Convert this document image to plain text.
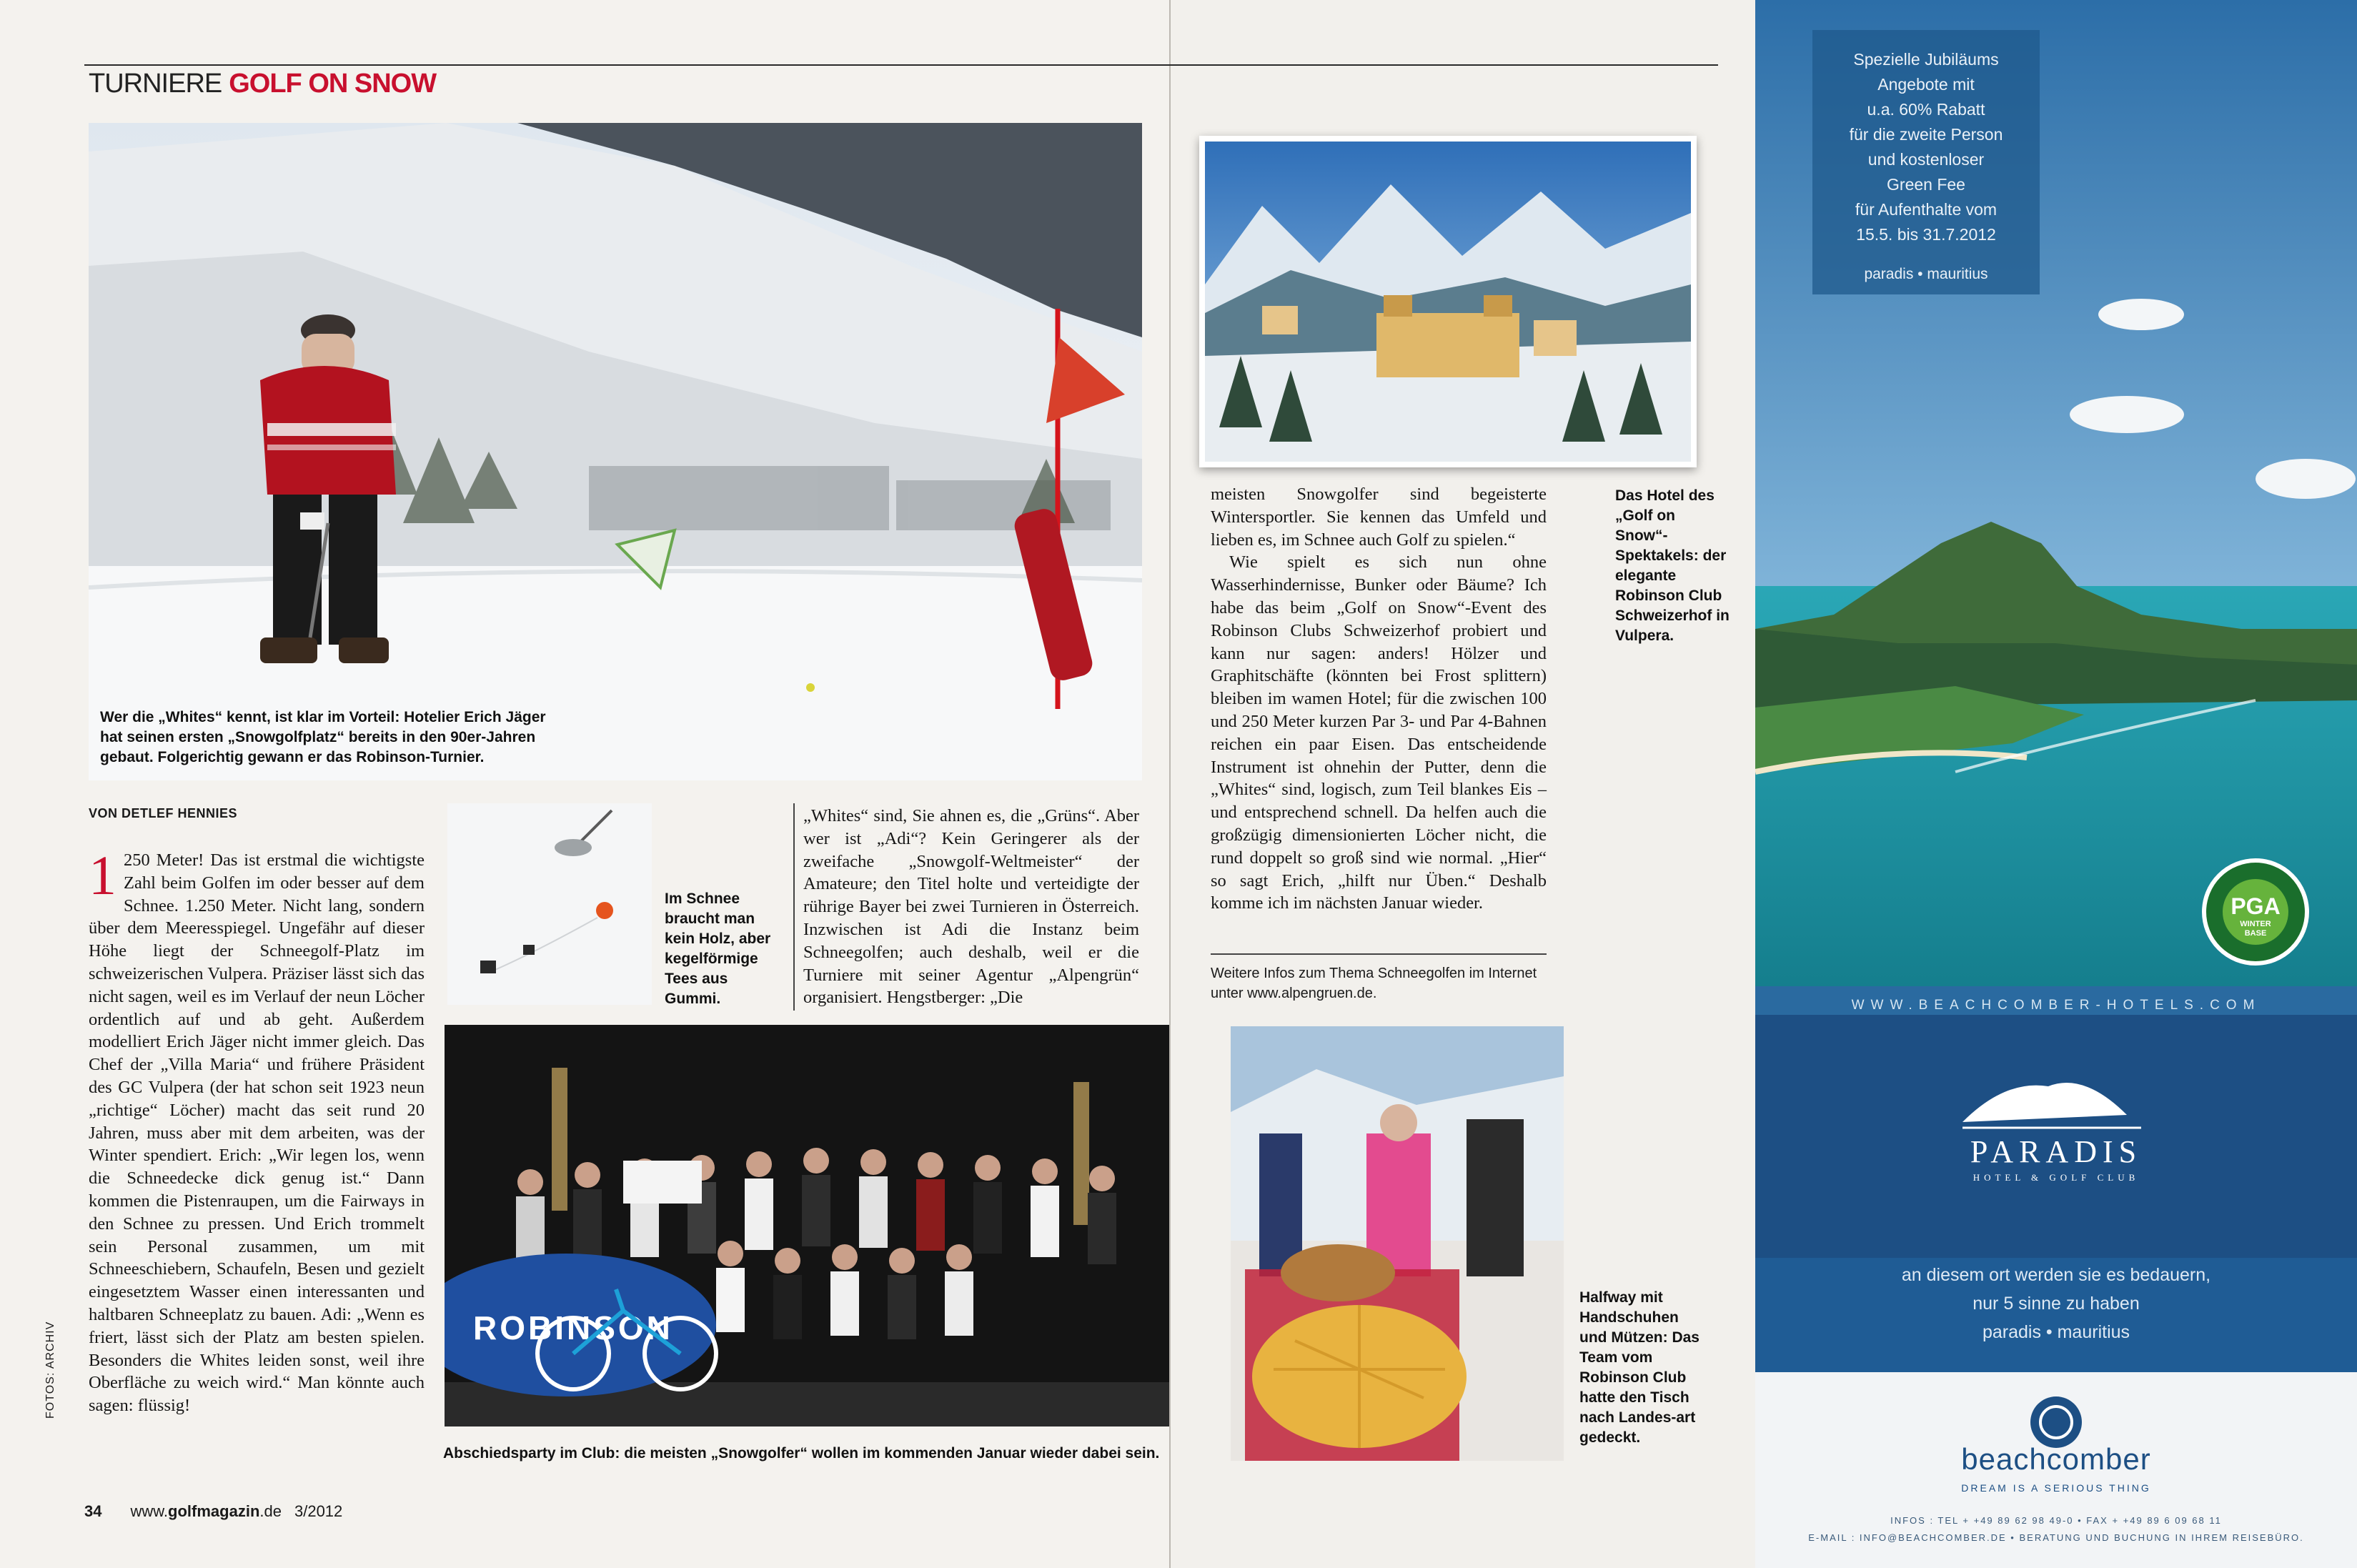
TURNIERE GOLF ON SNOW
Wer die „Whites“ kennt, ist klar im Vorteil: Hotelier Erich Jäger hat seinen ersten „Snowgolfplatz“ bereits in den 90er-Jahren gebaut. Folgerichtig gewann er das Robinson-Turnier.
VON DETLEF HENNIES

1 250 Meter! Das ist erstmal die wichtigste Zahl beim Golfen im oder besser auf dem Schnee. 1.250 Meter. Nicht lang, sondern über dem Meeresspiegel. Ungefähr auf dieser Höhe liegt der Schneegolf-Platz im schweizerischen Vulpera. Präziser lässt sich das nicht sagen, weil es im Verlauf der neun Löcher ordentlich auf und ab geht. Außerdem modelliert Erich Jäger nicht immer gleich. Das Chef der „Villa Maria“ und frühere Präsident des GC Vulpera (der hat schon seit 1923 neun „richtige“ Löcher) macht das seit rund 20 Jahren, muss aber mit dem arbeiten, was der Winter spendiert. Erich: „Wir legen los, wenn die Schneedecke dick genug ist.“ Dann kommen die Pistenraupen, um die Fairways in den Schnee zu pressen. Und Erich trommelt sein Personal zusammen, um mit Schneeschiebern, Schaufeln, Besen und gezielt eingesetztem Wasser einen interessanten und haltbaren Schneeplatz zu bauen. Adi: „Wenn es friert, lässt sich der Platz am besten spielen. Besonders die Whites leiden sonst, weil ihre Oberfläche zu weich wird.“ Man könnte auch sagen: flüssig!

FOTOS: ARCHIV
Im Schnee braucht man kein Holz, aber kegelförmige Tees aus Gummi.
„Whites“ sind, Sie ahnen es, die „Grüns“. Aber wer ist „Adi“? Kein Geringerer als der zweifache „Snowgolf-Weltmeister“ der Amateure; den Titel holte und verteidigte der rührige Bayer bei zwei Turnieren in Österreich. Inzwischen ist Adi die Instanz beim Schneegolfen; auch deshalb, weil er die Turniere mit seiner Agentur „Alpengrün“ organisiert. Hengstberger: „Die
ROBINSON
Abschiedsparty im Club: die meisten „Snowgolfer“ wollen im kommenden Januar wieder dabei sein.
34 www.golfmagazin.de 3/2012

meisten Snowgolfer sind begeisterte Wintersportler. Sie kennen das Umfeld und lieben es, im Schnee auch Golf zu spielen.“

Wie spielt es sich nun ohne Wasserhindernisse, Bunker oder Bäume? Ich habe das beim „Golf on Snow“-Event des Robinson Clubs Schweizerhof probiert und kann nur sagen: anders! Hölzer und Graphitschäfte (könnten bei Frost splittern) bleiben im wamen Hotel; für die zwischen 100 und 250 Meter kurzen Par 3- und Par 4-Bahnen reichen ein paar Eisen. Das entscheidende Instrument ist ohnehin der Putter, denn die „Whites“ sind, logisch, zum Teil blankes Eis – und entsprechend schnell. Da helfen auch die großzügig dimensionierten Löcher nicht, die rund doppelt so groß sind wie normal. „Hier“ so sagt Erich, „hilft nur Üben.“ Deshalb komme ich im nächsten Januar wieder.

Das Hotel des „Golf on Snow“-Spektakels: der elegante Robinson Club Schweizerhof in Vulpera.
Weitere Infos zum Thema Schneegolfen im Internet unter www.alpengruen.de.
Halfway mit Handschuhen und Mützen: Das Team vom Robinson Club hatte den Tisch nach Landes-art gedeckt.
Spezielle Jubiläums
Angebote mit
u.a. 60% Rabatt
für die zweite Person
und kostenloser
Green Fee
für Aufenthalte vom
15.5. bis 31.7.2012
paradis • mauritius
PGA
WINTER BASE
WWW.BEACHCOMBER-HOTELS.COM
PARADIS
HOTEL & GOLF CLUB
an diesem ort werden sie es bedauern,
nur 5 sinne zu haben
paradis • mauritius
beachcomber
DREAM IS A SERIOUS THING
INFOS : TEL + +49 89 62 98 49-0 • FAX + +49 89 6 09 68 11
E-MAIL : INFO@BEACHCOMBER.DE • BERATUNG UND BUCHUNG IN IHREM REISEBÜRO.
